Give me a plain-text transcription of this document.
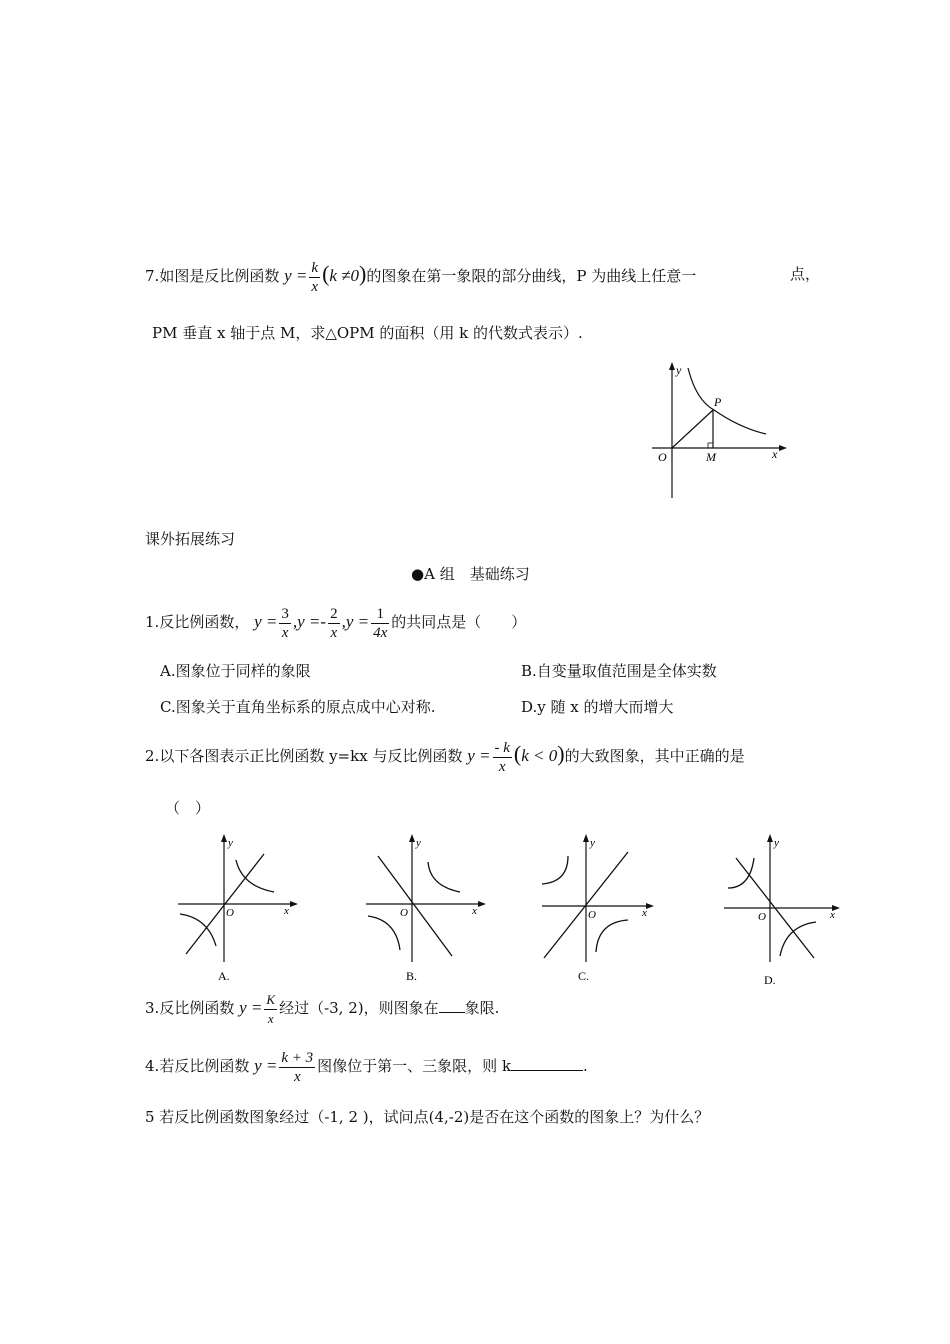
7.如图是反比例函数 $y = \frac{k}{x} (k \ne 0)$的图象在第一象限的部分曲线，P 为曲线上任意一	点，
PM 垂直 x 轴于点 M，求△OPM 的面积（用 k 的代数式表示）.
y
P
O	M	x
课外拓展练习
●A 组　基础练习
1.反比例函数， $y = \frac{3}{x} ,y =- \frac{2}{x} ,y = \frac{1}{4x}$ 的共同点是（　　）
A.图象位于同样的象限	B.自变量取值范围是全体实数
C.图象关于直角坐标系的原点成中心对称.	D.y 随 x 的增大而增大
2.以下各图表示正比例函数 y=kx 与反比例函数 $y = \frac{- k}{x} (k < 0)$的大致图象，其中正确的是
（　）
y
O	x
A.
y
O	x
B.
y
O	x
C.
y
O	x
D.
3.反比例函数 $y = \frac{K}{x}$ 经过（-3, 2)，则图象在 象限.
4.若反比例函数 $y = \frac{k + 3}{x}$ 图像位于第一、三象限，则 k	.
5 若反比例函数图象经过（-1, 2 )，试问点(4,-2)是否在这个函数的图象上？为什么？
